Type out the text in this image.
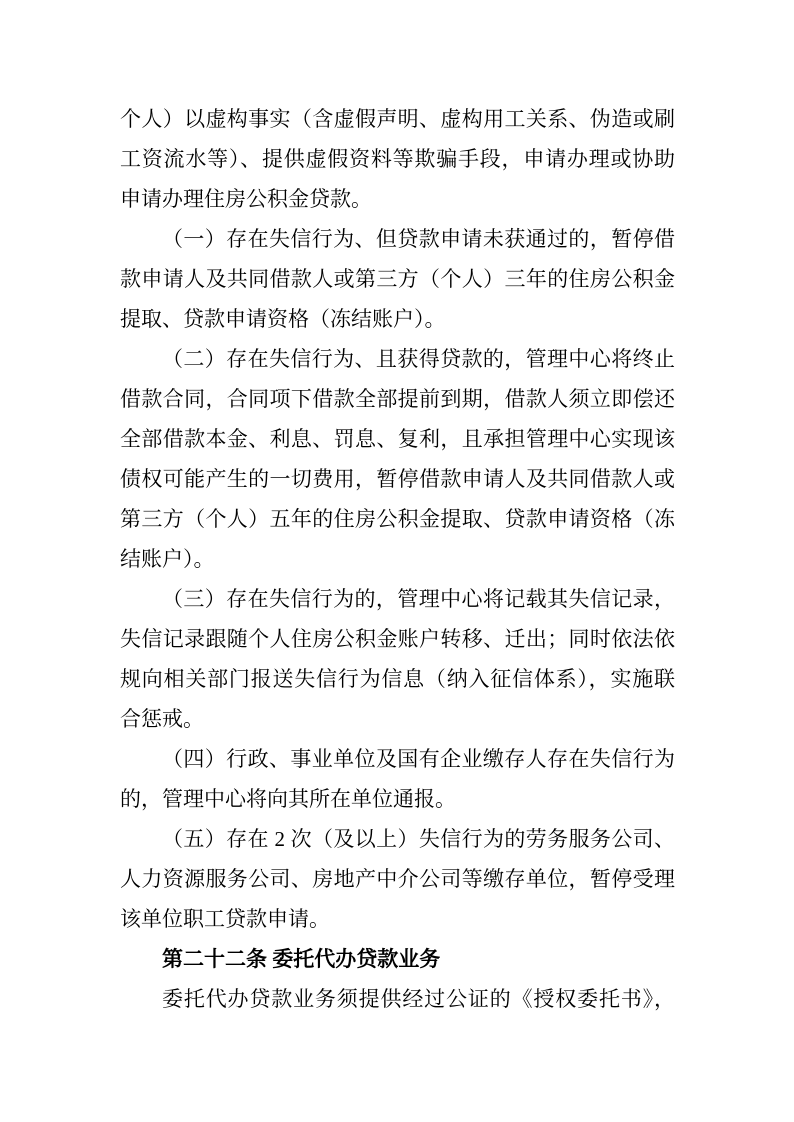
个人）以虚构事实（含虚假声明、虚构用工关系、伪造或刷
工资流水等）、提供虚假资料等欺骗手段，申请办理或协助
申请办理住房公积金贷款。
（一）存在失信行为、但贷款申请未获通过的，暂停借
款申请人及共同借款人或第三方（个人）三年的住房公积金
提取、贷款申请资格（冻结账户）。
（二）存在失信行为、且获得贷款的，管理中心将终止
借款合同，合同项下借款全部提前到期，借款人须立即偿还
全部借款本金、利息、罚息、复利，且承担管理中心实现该
债权可能产生的一切费用，暂停借款申请人及共同借款人或
第三方（个人）五年的住房公积金提取、贷款申请资格（冻
结账户）。
（三）存在失信行为的，管理中心将记载其失信记录，
失信记录跟随个人住房公积金账户转移、迁出；同时依法依
规向相关部门报送失信行为信息（纳入征信体系），实施联
合惩戒。
（四）行政、事业单位及国有企业缴存人存在失信行为
的，管理中心将向其所在单位通报。
（五）存在 2 次（及以上）失信行为的劳务服务公司、
人力资源服务公司、房地产中介公司等缴存单位，暂停受理
该单位职工贷款申请。
第二十二条 委托代办贷款业务
委托代办贷款业务须提供经过公证的《授权委托书》，
